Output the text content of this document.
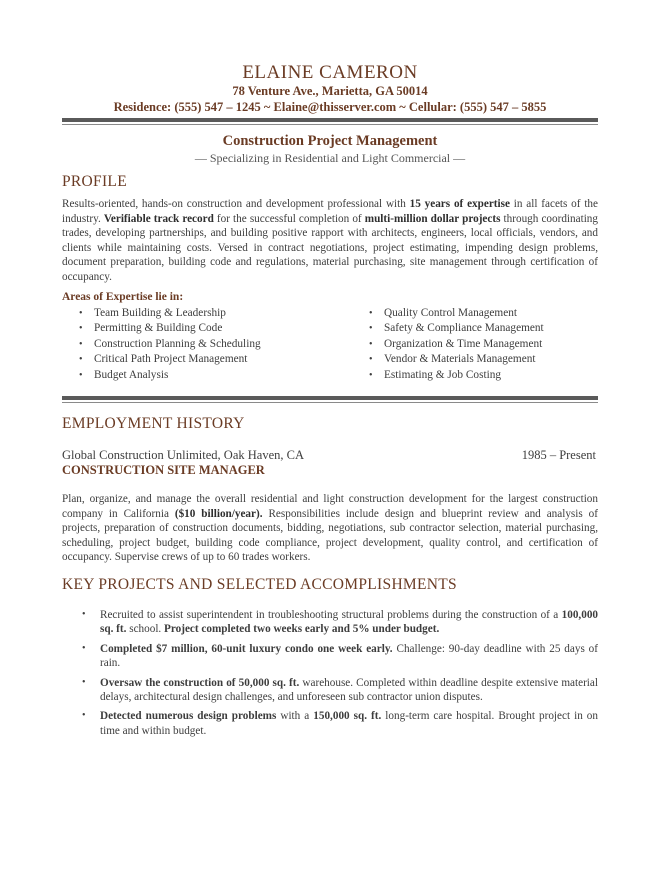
ELAINE CAMERON
78 Venture Ave., Marietta, GA 50014
Residence: (555) 547 – 1245 ~ Elaine@thisserver.com ~ Cellular: (555) 547 – 5855
Construction Project Management
— Specializing in Residential and Light Commercial —
PROFILE
Results-oriented, hands-on construction and development professional with 15 years of expertise in all facets of the industry. Verifiable track record for the successful completion of multi-million dollar projects through coordinating trades, developing partnerships, and building positive rapport with architects, engineers, local officials, vendors, and clients while maintaining costs. Versed in contract negotiations, project estimating, impending design problems, document preparation, building code and regulations, material purchasing, site management through certification of occupancy.
Areas of Expertise lie in:
• Team Building & Leadership
• Permitting & Building Code
• Construction Planning & Scheduling
• Critical Path Project Management
• Budget Analysis
• Quality Control Management
• Safety & Compliance Management
• Organization & Time Management
• Vendor & Materials Management
• Estimating & Job Costing
EMPLOYMENT HISTORY
Global Construction Unlimited, Oak Haven, CA	1985 – Present
CONSTRUCTION SITE MANAGER
Plan, organize, and manage the overall residential and light construction development for the largest construction company in California ($10 billion/year). Responsibilities include design and blueprint review and analysis of projects, preparation of construction documents, bidding, negotiations, sub contractor selection, material purchasing, scheduling, project budget, building code compliance, project development, quality control, and certification of occupancy. Supervise crews of up to 60 trades workers.
KEY PROJECTS AND SELECTED ACCOMPLISHMENTS
• Recruited to assist superintendent in troubleshooting structural problems during the construction of a 100,000 sq. ft. school. Project completed two weeks early and 5% under budget.
• Completed $7 million, 60-unit luxury condo one week early. Challenge: 90-day deadline with 25 days of rain.
• Oversaw the construction of 50,000 sq. ft. warehouse. Completed within deadline despite extensive material delays, architectural design challenges, and unforeseen sub contractor union disputes.
• Detected numerous design problems with a 150,000 sq. ft. long-term care hospital. Brought project in on time and within budget.
